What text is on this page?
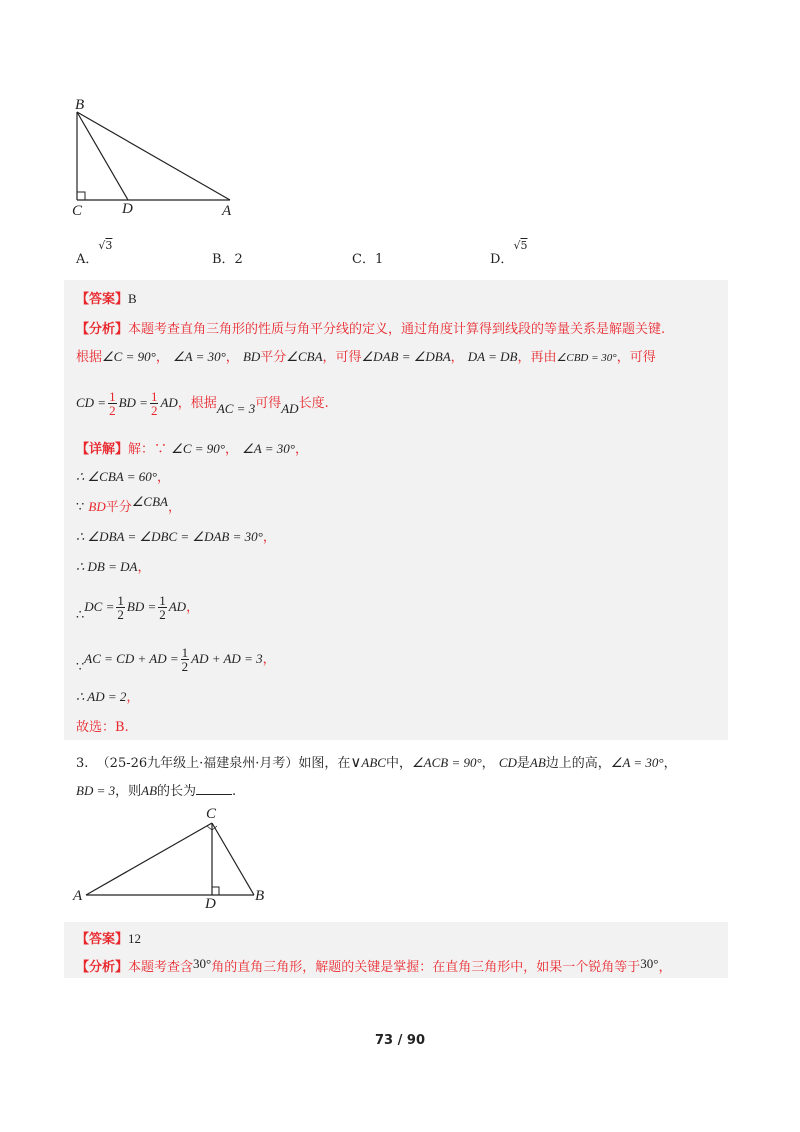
B
C	D	A
A．$^{√3}$
B．2	C．1	D．$^{√5}$
【答案】B
【分析】本题考查直角三角形的性质与角平分线的定义，通过角度计算得到线段的等量关系是解题关键.
根据∠C = 90°， ∠A = 30°， BD平分∠CBA，可得∠DAB = ∠DBA， DA = DB，再由∠CBD = 30°，可得
CD = $\frac{1}{2}$ BD = $\frac{1}{2}$ AD，根据AC = 3可得AD长度.
【详解】解：∵ ∠C = 90°， ∠A = 30°，
∴ ∠CBA = 60°，
∵ BD平分∠CBA，
∴ ∠DBA = ∠DBC = ∠DAB = 30°，
∴ DB = DA，
∴DC = $\frac{1}{2}$ BD = $\frac{1}{2}$ AD，
∵AC = CD + AD = $\frac{1}{2}$ AD + AD = 3，
∴ AD = 2，
故选：B.
3. （25-26九年级上·福建泉州·月考）如图，在∨ABC中，∠ACB = 90°， CD是AB边上的高，∠A = 30°，
BD = 3，则AB的长为	.
C
A	D	B
【答案】12
【分析】本题考查含30°角的直角三角形，解题的关键是掌握：在直角三角形中，如果一个锐角等于30°，
73 / 90
